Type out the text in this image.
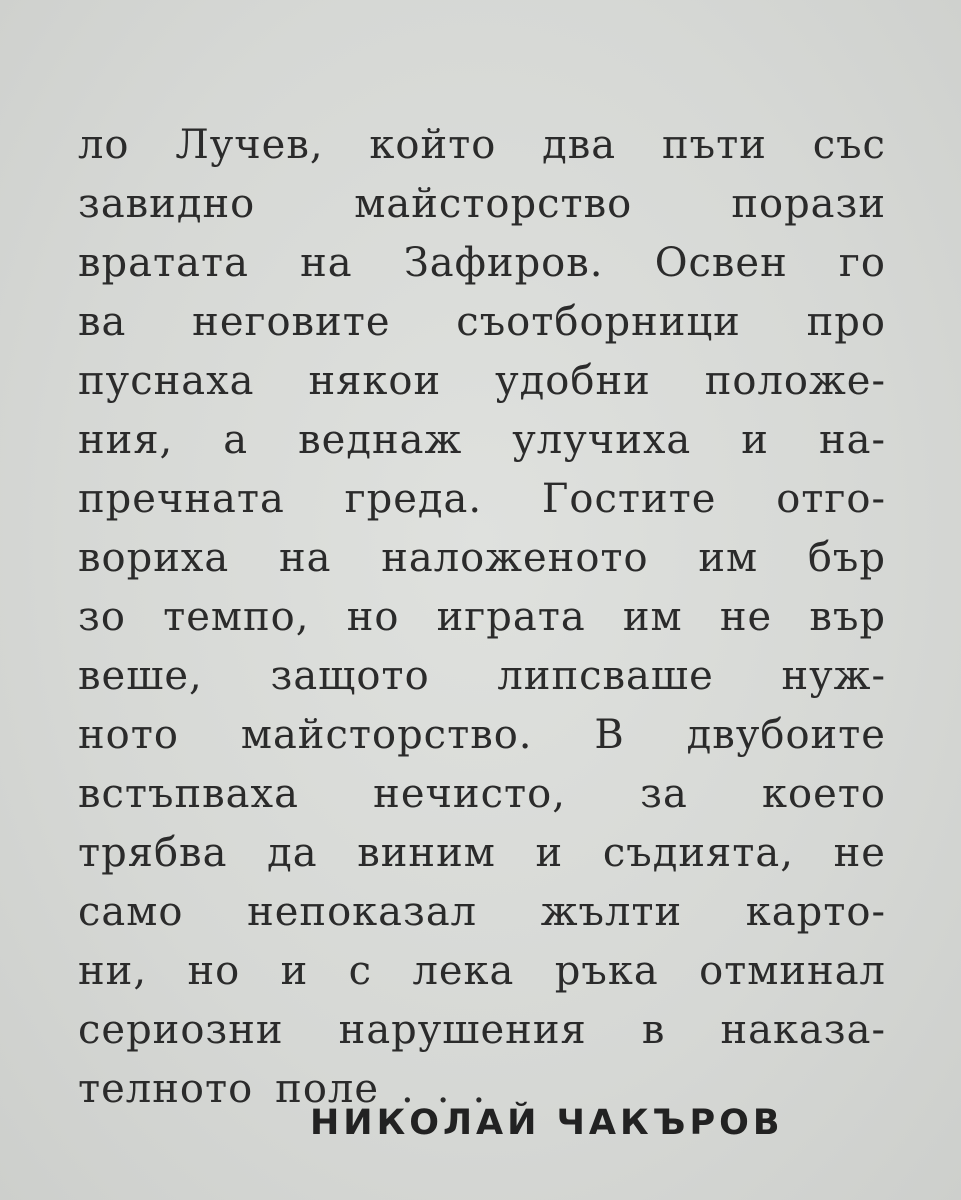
ло Лучев, който два пъти със
завидно майсторство порази
вратата на Зафиров. Освен го
ва неговите съотборници про
пуснаха някои удобни положе-
ния, а веднаж улучиха и на-
пречната греда. Гостите отго-
вориха на наложеното им бър
зо темпо, но играта им не вър
веше, защото липсваше нуж-
ното майсторство. В двубоите
встъпваха нечисто, за което
трябва да виним и съдията, не
само непоказал жълти карто-
ни, но и с лека ръка отминал
сериозни нарушения в наказа-
телното поле . . .
НИКОЛАЙ ЧАКЪРОВ
